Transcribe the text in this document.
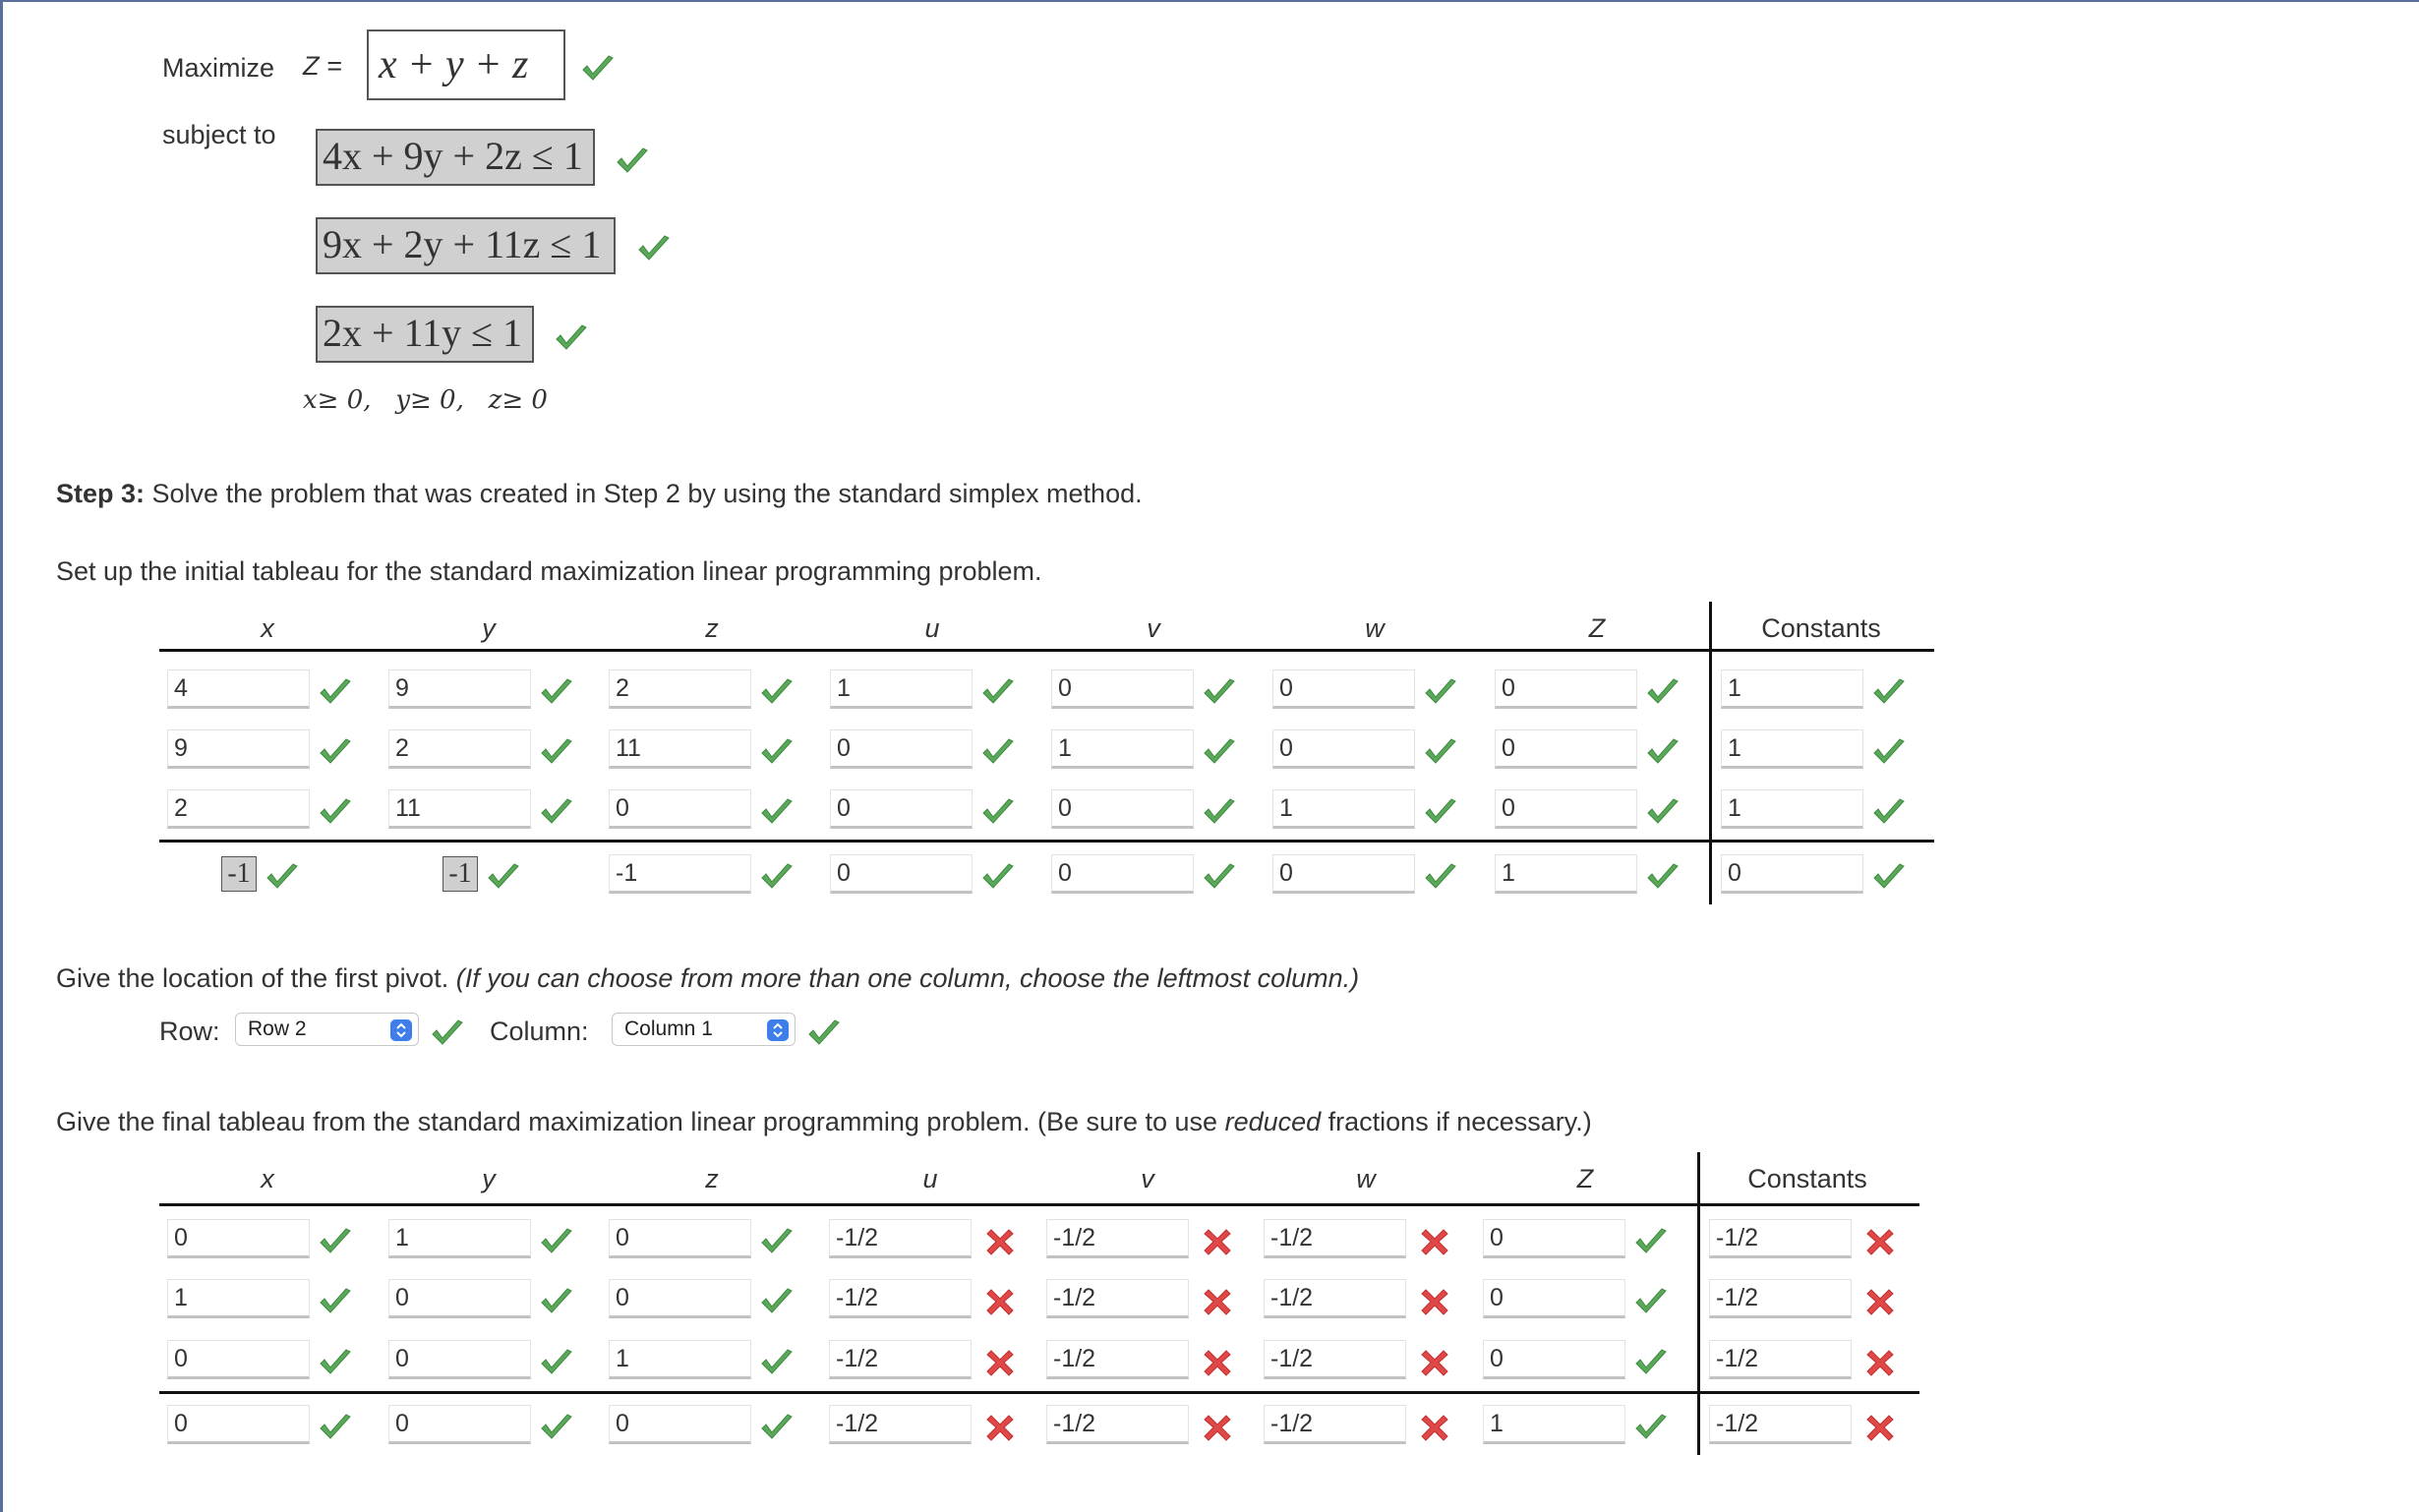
Maximize Z = x + y + z
subject to 4x + 9y + 2z ≤ 1
9x + 2y + 11z ≤ 1
2x + 11y ≤ 1
x≥ 0,   y≥ 0,   z≥ 0
Step 3: Solve the problem that was created in Step 2 by using the standard simplex method.
Set up the initial tableau for the standard maximization linear programming problem.
x	y	z	u	v	w	Z	Constants
4	9	2	1	0	0	0	1
9	2	11	0	1	0	0	1
2	11	0	0	0	1	0	1
-1	-1	-1	0	0	0	1	0
Give the location of the first pivot. (If you can choose from more than one column, choose the leftmost column.)
Row:	Row 2	Column:	Column 1
Give the final tableau from the standard maximization linear programming problem. (Be sure to use reduced fractions if necessary.)
x	y	z	u	v	w	Z	Constants
0	1	0	-1/2	-1/2	-1/2	0	-1/2
1	0	0	-1/2	-1/2	-1/2	0	-1/2
0	0	1	-1/2	-1/2	-1/2	0	-1/2
0	0	0	-1/2	-1/2	-1/2	1	-1/2
